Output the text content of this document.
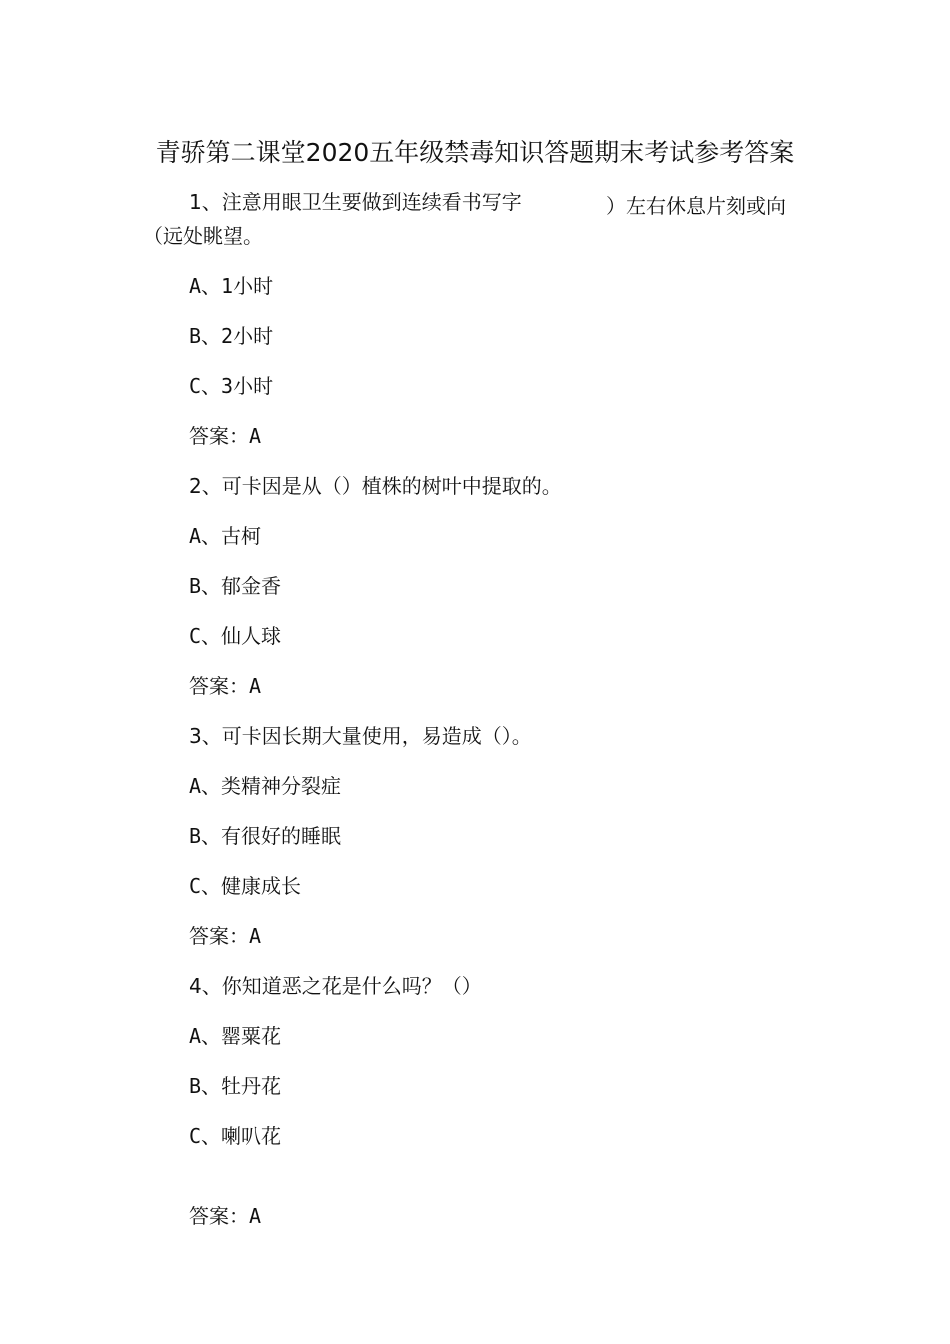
青骄第二课堂2020五年级禁毒知识答题期末考试参考答案
1、注意用眼卫生要做到连续看书写字	）左右休息片刻或向
（远处眺望。
A、1小时
B、2小时
C、3小时
答案：A
2、可卡因是从（）植株的树叶中提取的。
A、古柯
B、郁金香
C、仙人球
答案：A
3、可卡因长期大量使用，易造成（）。
A、类精神分裂症
B、有很好的睡眠
C、健康成长
答案：A
4、你知道恶之花是什么吗？（）
A、罂粟花
B、牡丹花
C、喇叭花
答案：A
